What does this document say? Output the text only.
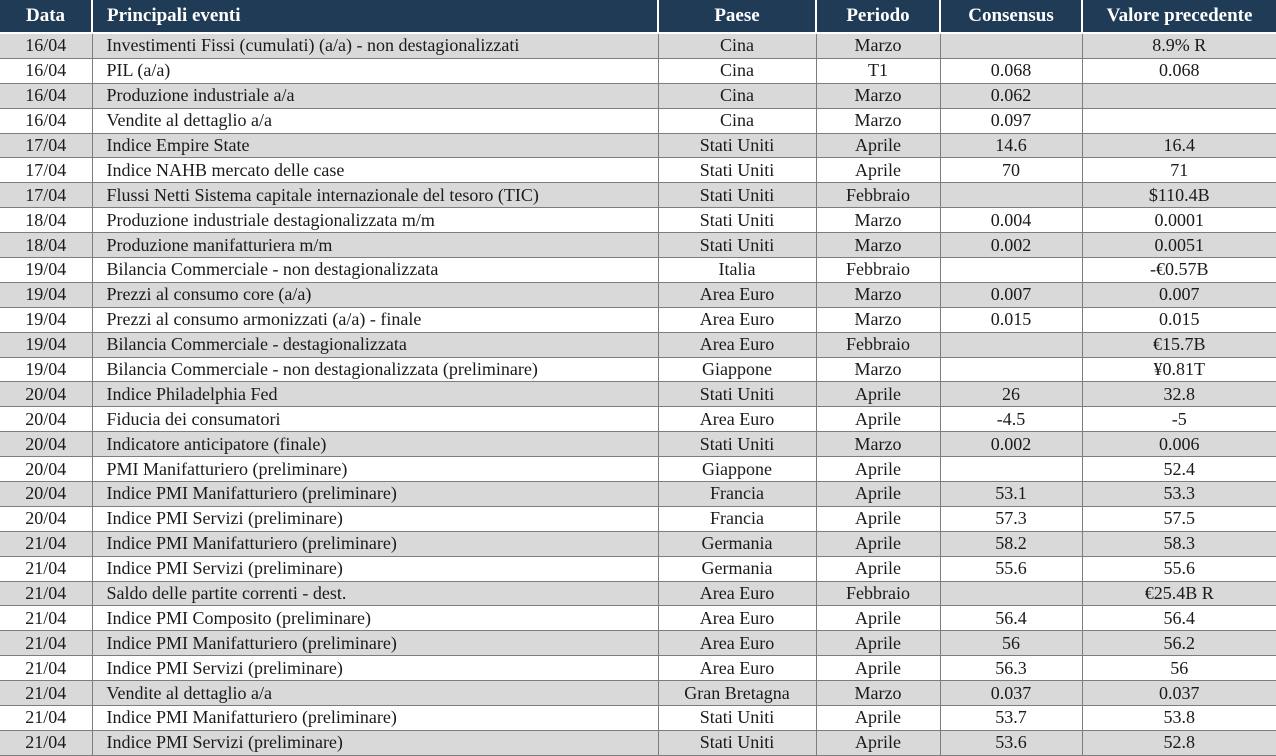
Data	Principali eventi	Paese	Periodo	Consensus	Valore precedente
16/04	Investimenti Fissi (cumulati) (a/a) - non destagionalizzati	Cina	Marzo		8.9% R
16/04	PIL (a/a)	Cina	T1	0.068	0.068
16/04	Produzione industriale a/a	Cina	Marzo	0.062	
16/04	Vendite al dettaglio a/a	Cina	Marzo	0.097	
17/04	Indice Empire State	Stati Uniti	Aprile	14.6	16.4
17/04	Indice NAHB mercato delle case	Stati Uniti	Aprile	70	71
17/04	Flussi Netti Sistema capitale internazionale del tesoro (TIC)	Stati Uniti	Febbraio		$110.4B
18/04	Produzione industriale destagionalizzata m/m	Stati Uniti	Marzo	0.004	0.0001
18/04	Produzione manifatturiera m/m	Stati Uniti	Marzo	0.002	0.0051
19/04	Bilancia Commerciale - non destagionalizzata	Italia	Febbraio		-€0.57B
19/04	Prezzi al consumo core (a/a)	Area Euro	Marzo	0.007	0.007
19/04	Prezzi al consumo armonizzati (a/a) - finale	Area Euro	Marzo	0.015	0.015
19/04	Bilancia Commerciale - destagionalizzata	Area Euro	Febbraio		€15.7B
19/04	Bilancia Commerciale - non destagionalizzata (preliminare)	Giappone	Marzo		¥0.81T
20/04	Indice Philadelphia Fed	Stati Uniti	Aprile	26	32.8
20/04	Fiducia dei consumatori	Area Euro	Aprile	-4.5	-5
20/04	Indicatore anticipatore (finale)	Stati Uniti	Marzo	0.002	0.006
20/04	PMI Manifatturiero (preliminare)	Giappone	Aprile		52.4
20/04	Indice PMI Manifatturiero (preliminare)	Francia	Aprile	53.1	53.3
20/04	Indice PMI Servizi (preliminare)	Francia	Aprile	57.3	57.5
21/04	Indice PMI Manifatturiero (preliminare)	Germania	Aprile	58.2	58.3
21/04	Indice PMI Servizi (preliminare)	Germania	Aprile	55.6	55.6
21/04	Saldo delle partite correnti - dest.	Area Euro	Febbraio		€25.4B R
21/04	Indice PMI Composito (preliminare)	Area Euro	Aprile	56.4	56.4
21/04	Indice PMI Manifatturiero (preliminare)	Area Euro	Aprile	56	56.2
21/04	Indice PMI Servizi (preliminare)	Area Euro	Aprile	56.3	56
21/04	Vendite al dettaglio a/a	Gran Bretagna	Marzo	0.037	0.037
21/04	Indice PMI Manifatturiero (preliminare)	Stati Uniti	Aprile	53.7	53.8
21/04	Indice PMI Servizi (preliminare)	Stati Uniti	Aprile	53.6	52.8
